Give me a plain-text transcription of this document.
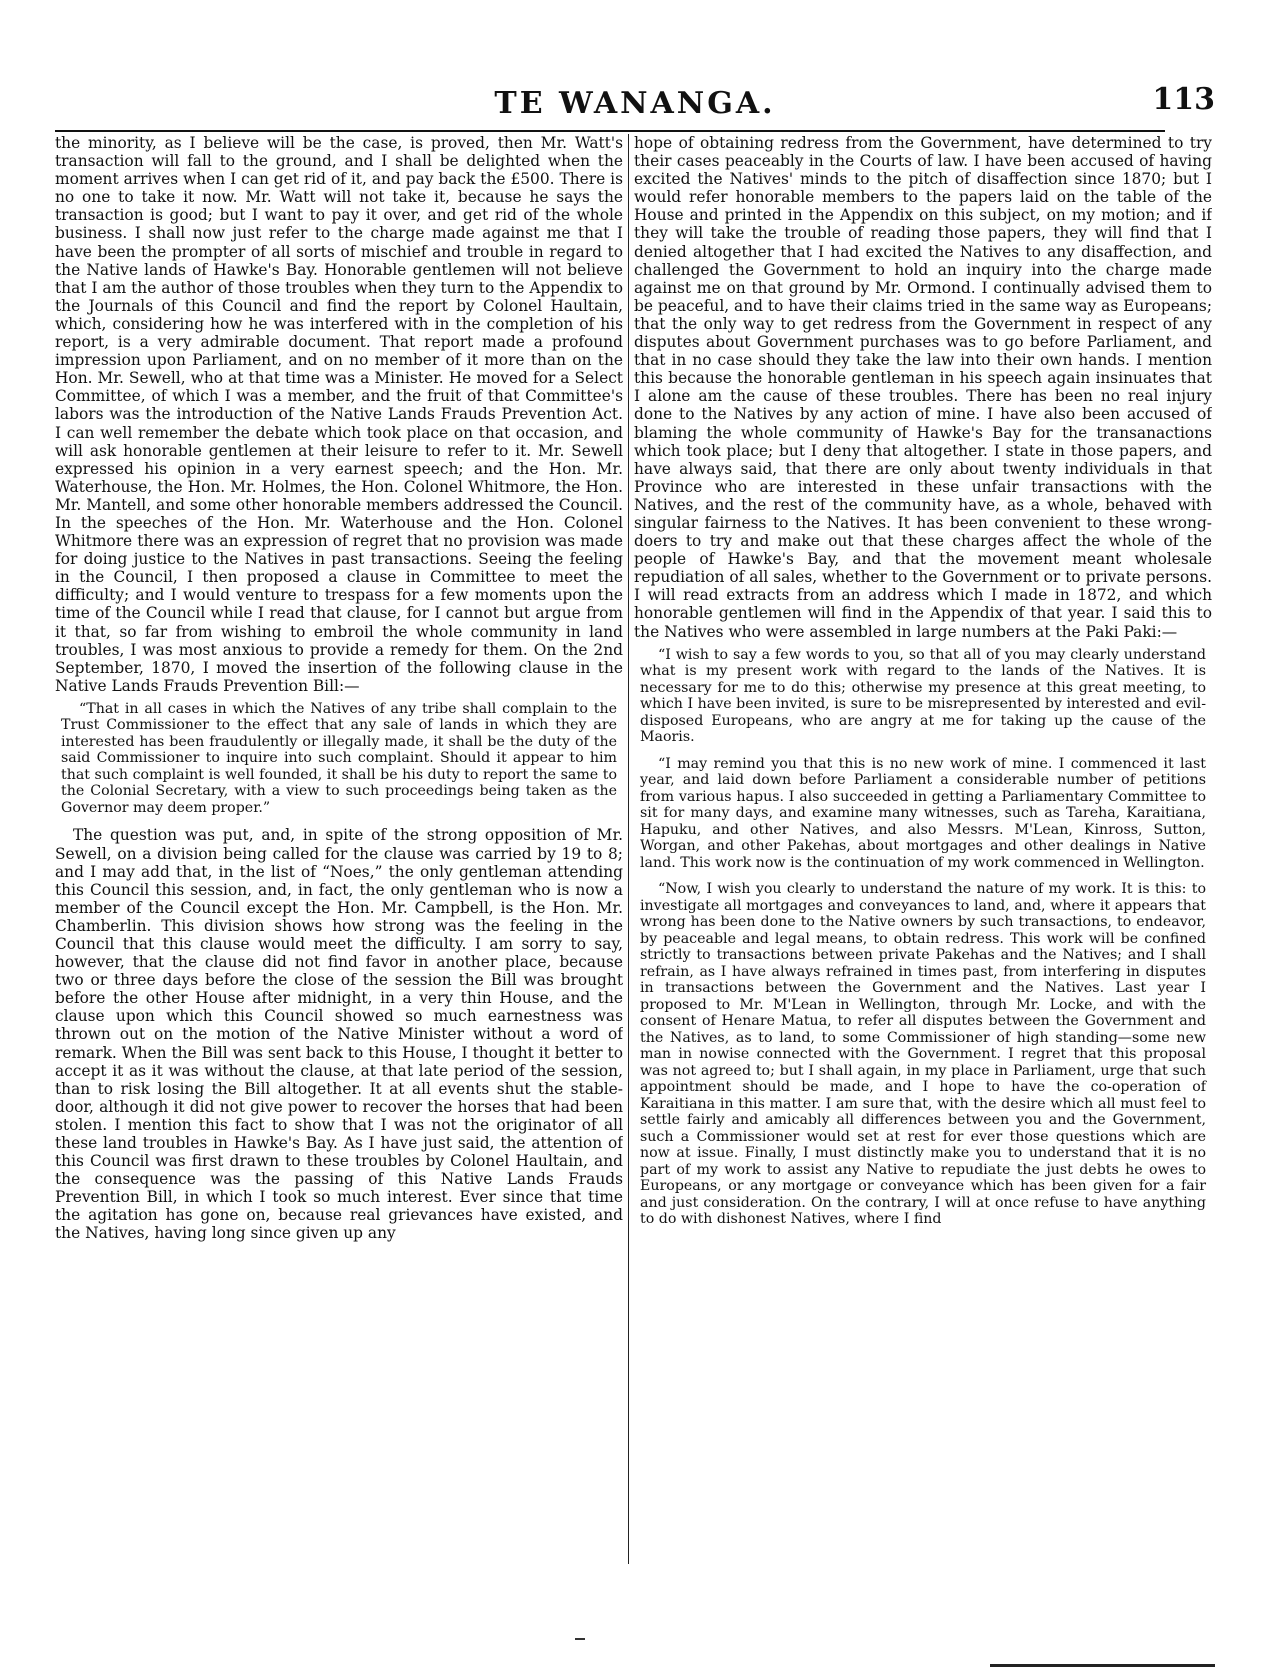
TE WANANGA.	113

the minority, as I believe will be the case, is proved, then Mr. Watt's transaction will fall to the ground, and I shall be delighted when the moment arrives when I can get rid of it, and pay back the £500. There is no one to take it now. Mr. Watt will not take it, because he says the transaction is good; but I want to pay it over, and get rid of the whole business. I shall now just refer to the charge made against me that I have been the prompter of all sorts of mischief and trouble in regard to the Native lands of Hawke's Bay. Honorable gentlemen will not believe that I am the author of those troubles when they turn to the Appendix to the Journals of this Council and find the report by Colonel Haultain, which, considering how he was interfered with in the completion of his report, is a very admirable document. That report made a profound impression upon Parliament, and on no member of it more than on the Hon. Mr. Sewell, who at that time was a Minister. He moved for a Select Committee, of which I was a member, and the fruit of that Committee's labors was the introduction of the Native Lands Frauds Prevention Act. I can well remember the debate which took place on that occasion, and will ask honorable gentlemen at their leisure to refer to it. Mr. Sewell expressed his opinion in a very earnest speech; and the Hon. Mr. Waterhouse, the Hon. Mr. Holmes, the Hon. Colonel Whitmore, the Hon. Mr. Mantell, and some other honorable members addressed the Council. In the speeches of the Hon. Mr. Waterhouse and the Hon. Colonel Whitmore there was an expression of regret that no provision was made for doing justice to the Natives in past transactions. Seeing the feeling in the Council, I then proposed a clause in Committee to meet the difficulty; and I would venture to trespass for a few moments upon the time of the Council while I read that clause, for I cannot but argue from it that, so far from wishing to embroil the whole community in land troubles, I was most anxious to provide a remedy for them. On the 2nd September, 1870, I moved the insertion of the following clause in the Native Lands Frauds Prevention Bill:—

“That in all cases in which the Natives of any tribe shall complain to the Trust Commissioner to the effect that any sale of lands in which they are interested has been fraudulently or illegally made, it shall be the duty of the said Commissioner to inquire into such complaint. Should it appear to him that such complaint is well founded, it shall be his duty to report the same to the Colonial Secretary, with a view to such proceedings being taken as the Governor may deem proper.”

The question was put, and, in spite of the strong opposition of Mr. Sewell, on a division being called for the clause was carried by 19 to 8; and I may add that, in the list of “Noes,” the only gentleman attending this Council this session, and, in fact, the only gentleman who is now a member of the Council except the Hon. Mr. Campbell, is the Hon. Mr. Chamberlin. This division shows how strong was the feeling in the Council that this clause would meet the difficulty. I am sorry to say, however, that the clause did not find favor in another place, because two or three days before the close of the session the Bill was brought before the other House after midnight, in a very thin House, and the clause upon which this Council showed so much earnestness was thrown out on the motion of the Native Minister without a word of remark. When the Bill was sent back to this House, I thought it better to accept it as it was without the clause, at that late period of the session, than to risk losing the Bill altogether. It at all events shut the stable-door, although it did not give power to recover the horses that had been stolen. I mention this fact to show that I was not the originator of all these land troubles in Hawke's Bay. As I have just said, the attention of this Council was first drawn to these troubles by Colonel Haultain, and the consequence was the passing of this Native Lands Frauds Prevention Bill, in which I took so much interest. Ever since that time the agitation has gone on, because real grievances have existed, and the Natives, having long since given up any

hope of obtaining redress from the Government, have determined to try their cases peaceably in the Courts of law. I have been accused of having excited the Natives' minds to the pitch of disaffection since 1870; but I would refer honorable members to the papers laid on the table of the House and printed in the Appendix on this subject, on my motion; and if they will take the trouble of reading those papers, they will find that I denied altogether that I had excited the Natives to any disaffection, and challenged the Government to hold an inquiry into the charge made against me on that ground by Mr. Ormond. I continually advised them to be peaceful, and to have their claims tried in the same way as Europeans; that the only way to get redress from the Government in respect of any disputes about Government purchases was to go before Parliament, and that in no case should they take the law into their own hands. I mention this because the honorable gentleman in his speech again insinuates that I alone am the cause of these troubles. There has been no real injury done to the Natives by any action of mine. I have also been accused of blaming the whole community of Hawke's Bay for the transanactions which took place; but I deny that altogether. I state in those papers, and have always said, that there are only about twenty individuals in that Province who are interested in these unfair transactions with the Natives, and the rest of the community have, as a whole, behaved with singular fairness to the Natives. It has been convenient to these wrong-doers to try and make out that these charges affect the whole of the people of Hawke's Bay, and that the movement meant wholesale repudiation of all sales, whether to the Government or to private persons. I will read extracts from an address which I made in 1872, and which honorable gentlemen will find in the Appendix of that year. I said this to the Natives who were assembled in large numbers at the Paki Paki:—

“I wish to say a few words to you, so that all of you may clearly understand what is my present work with regard to the lands of the Natives. It is necessary for me to do this; otherwise my presence at this great meeting, to which I have been invited, is sure to be misrepresented by interested and evil-disposed Europeans, who are angry at me for taking up the cause of the Maoris.

“I may remind you that this is no new work of mine. I commenced it last year, and laid down before Parliament a considerable number of petitions from various hapus. I also succeeded in getting a Parliamentary Committee to sit for many days, and examine many witnesses, such as Tareha, Karaitiana, Hapuku, and other Natives, and also Messrs. M'Lean, Kinross, Sutton, Worgan, and other Pakehas, about mortgages and other dealings in Native land. This work now is the continuation of my work commenced in Wellington.

“Now, I wish you clearly to understand the nature of my work. It is this: to investigate all mortgages and conveyances to land, and, where it appears that wrong has been done to the Native owners by such transactions, to endeavor, by peaceable and legal means, to obtain redress. This work will be confined strictly to transactions between private Pakehas and the Natives; and I shall refrain, as I have always refrained in times past, from interfering in disputes in transactions between the Government and the Natives. Last year I proposed to Mr. M'Lean in Wellington, through Mr. Locke, and with the consent of Henare Matua, to refer all disputes between the Government and the Natives, as to land, to some Commissioner of high standing—some new man in nowise connected with the Government. I regret that this proposal was not agreed to; but I shall again, in my place in Parliament, urge that such appointment should be made, and I hope to have the co-operation of Karaitiana in this matter. I am sure that, with the desire which all must feel to settle fairly and amicably all differences between you and the Government, such a Commissioner would set at rest for ever those questions which are now at issue. Finally, I must distinctly make you to understand that it is no part of my work to assist any Native to repudiate the just debts he owes to Europeans, or any mortgage or conveyance which has been given for a fair and just consideration. On the contrary, I will at once refuse to have anything to do with dishonest Natives, where I find
